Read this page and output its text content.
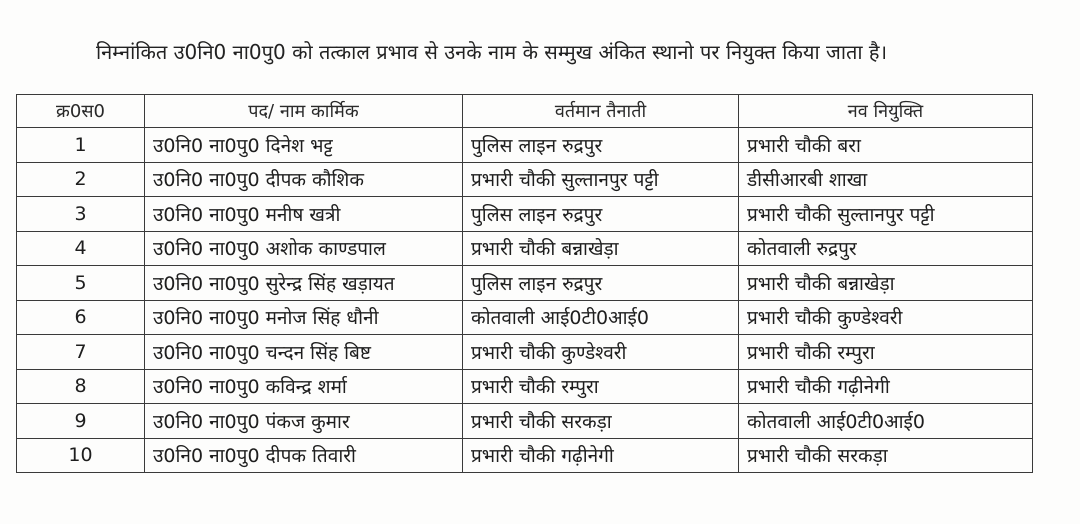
निम्नांकित उ0नि0 ना0पु0 को तत्काल प्रभाव से उनके नाम के सम्मुख अंकित स्थानो पर नियुक्त किया जाता है।
क्र0स0	पद/ नाम कार्मिक	वर्तमान तैनाती	नव नियुक्ति
1	उ0नि0 ना0पु0 दिनेश भट्ट	पुलिस लाइन रुद्रपुर	प्रभारी चौकी बरा
2	उ0नि0 ना0पु0 दीपक कौशिक	प्रभारी चौकी सुल्तानपुर पट्टी	डीसीआरबी शाखा
3	उ0नि0 ना0पु0 मनीष खत्री	पुलिस लाइन रुद्रपुर	प्रभारी चौकी सुल्तानपुर पट्टी
4	उ0नि0 ना0पु0 अशोक काण्डपाल	प्रभारी चौकी बन्नाखेड़ा	कोतवाली रुद्रपुर
5	उ0नि0 ना0पु0 सुरेन्द्र सिंह खड़ायत	पुलिस लाइन रुद्रपुर	प्रभारी चौकी बन्नाखेड़ा
6	उ0नि0 ना0पु0 मनोज सिंह धौनी	कोतवाली आई0टी0आई0	प्रभारी चौकी कुण्डेश्वरी
7	उ0नि0 ना0पु0 चन्दन सिंह बिष्ट	प्रभारी चौकी कुण्डेश्वरी	प्रभारी चौकी रम्पुरा
8	उ0नि0 ना0पु0 कविन्द्र शर्मा	प्रभारी चौकी रम्पुरा	प्रभारी चौकी गढ़ीनेगी
9	उ0नि0 ना0पु0 पंकज कुमार	प्रभारी चौकी सरकड़ा	कोतवाली आई0टी0आई0
10	उ0नि0 ना0पु0 दीपक तिवारी	प्रभारी चौकी गढ़ीनेगी	प्रभारी चौकी सरकड़ा
